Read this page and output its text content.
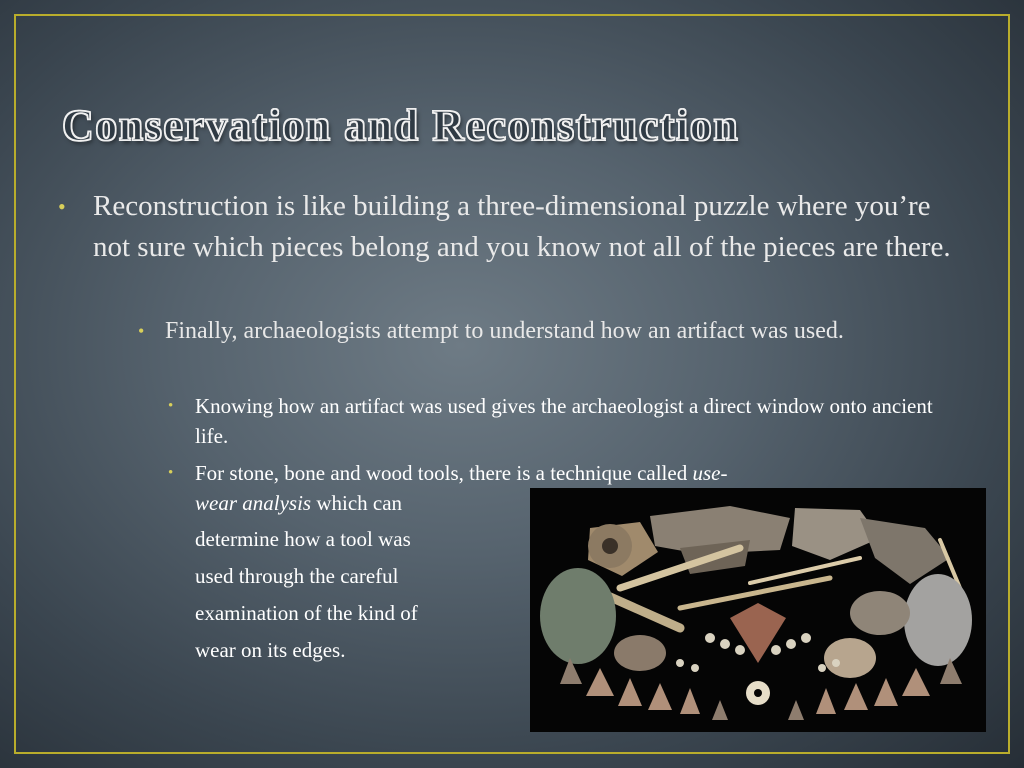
Conservation and Reconstruction
• Reconstruction is like building a three-dimensional puzzle where you’re not sure which pieces belong and you know not all of the pieces are there.
• Finally, archaeologists attempt to understand how an artifact was used.
• Knowing how an artifact was used gives the archaeologist a direct window onto ancient life.
• For stone, bone and wood tools, there is a technique called use-
wear analysis which can
determine how a tool was
used through the careful
examination of the kind of
wear on its edges.
